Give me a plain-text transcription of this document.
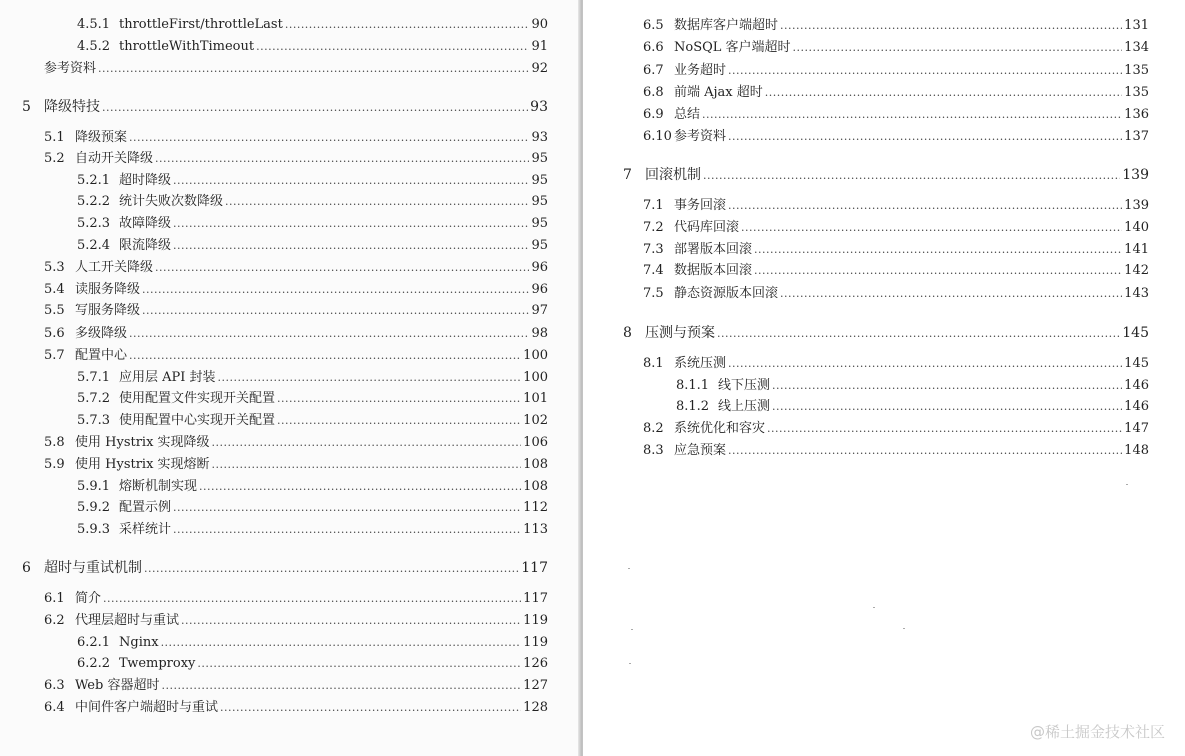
4.5.1 throttleFirst/throttleLast .....	90
4.5.2 throttleWithTimeout .....	91
参考资料 .....	92
5 降级特技 .....	93
5.1 降级预案 .....	93
5.2 自动开关降级 .....	95
5.2.1 超时降级 .....	95
5.2.2 统计失败次数降级 .....	95
5.2.3 故障降级 .....	95
5.2.4 限流降级 .....	95
5.3 人工开关降级 .....	96
5.4 读服务降级 .....	96
5.5 写服务降级 .....	97
5.6 多级降级 .....	98
5.7 配置中心 .....	100
5.7.1 应用层 API 封装 .....	100
5.7.2 使用配置文件实现开关配置 .....	101
5.7.3 使用配置中心实现开关配置 .....	102
5.8 使用 Hystrix 实现降级 .....	106
5.9 使用 Hystrix 实现熔断 .....	108
5.9.1 熔断机制实现 .....	108
5.9.2 配置示例 .....	112
5.9.3 采样统计 .....	113
6 超时与重试机制 .....	117
6.1 简介 .....	117
6.2 代理层超时与重试 .....	119
6.2.1 Nginx .....	119
6.2.2 Twemproxy .....	126
6.3 Web 容器超时 .....	127
6.4 中间件客户端超时与重试 .....	128
6.5 数据库客户端超时 .....	131
6.6 NoSQL 客户端超时 .....	134
6.7 业务超时 .....	135
6.8 前端 Ajax 超时 .....	135
6.9 总结 .....	136
6.10 参考资料 .....	137
7 回滚机制 .....	139
7.1 事务回滚 .....	139
7.2 代码库回滚 .....	140
7.3 部署版本回滚 .....	141
7.4 数据版本回滚 .....	142
7.5 静态资源版本回滚 .....	143
8 压测与预案 .....	145
8.1 系统压测 .....	145
8.1.1 线下压测 .....	146
8.1.2 线上压测 .....	146
8.2 系统优化和容灾 .....	147
8.3 应急预案 .....	148
@稀土掘金技术社区
